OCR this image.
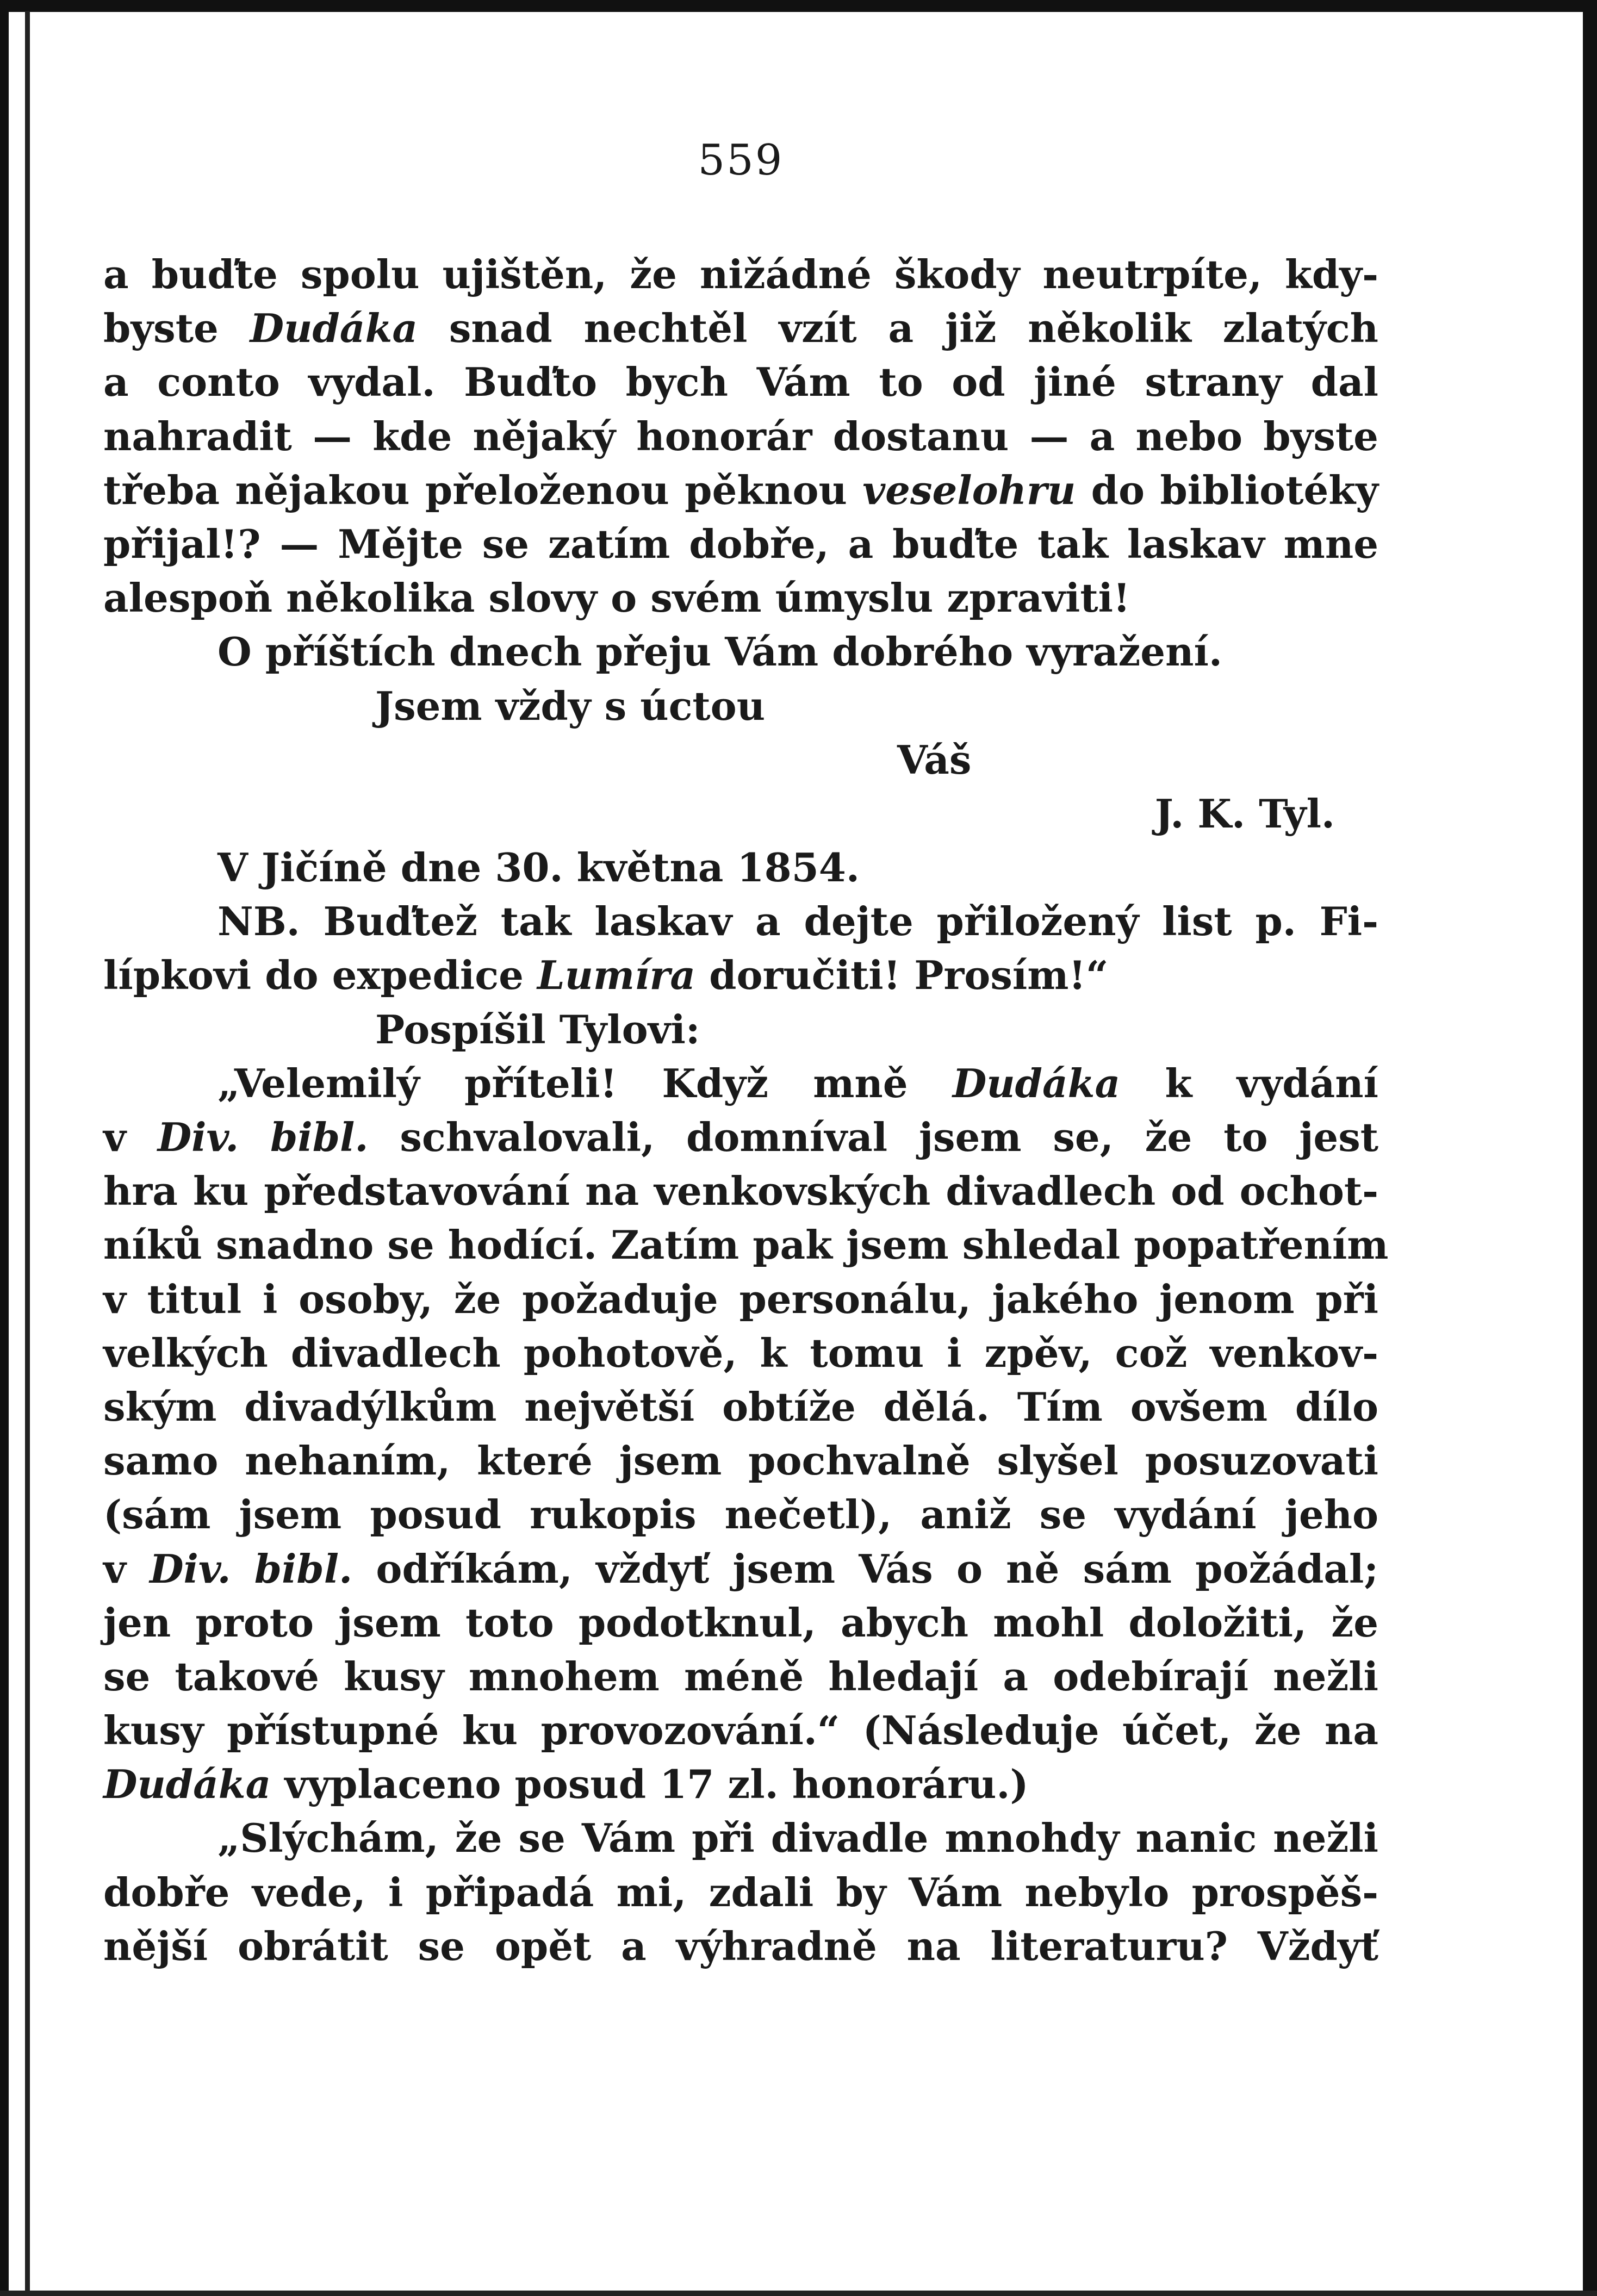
559
a buďte spolu ujištěn, že nižádné škody neutrpíte, kdy-
byste Dudáka snad nechtěl vzít a již několik zlatých
a conto vydal. Buďto bych Vám to od jiné strany dal
nahradit — kde nějaký honorár dostanu — a nebo byste
třeba nějakou přeloženou pěknou veselohru do bibliotéky
přijal!? — Mějte se zatím dobře, a buďte tak laskav mne
alespoň několika slovy o svém úmyslu zpraviti!
O příštích dnech přeju Vám dobrého vyražení.
Jsem vždy s úctou
Váš
J. K. Tyl.
V Jičíně dne 30. května 1854.
NB. Buďtež tak laskav a dejte přiložený list p. Fi-
lípkovi do expedice Lumíra doručiti! Prosím!“
Pospíšil Tylovi:
„Velemilý příteli! Když mně Dudáka k vydání
v Div. bibl. schvalovali, domníval jsem se, že to jest
hra ku představování na venkovských divadlech od ochot-
níků snadno se hodící. Zatím pak jsem shledal popatřením
v titul i osoby, že požaduje personálu, jakého jenom při
velkých divadlech pohotově, k tomu i zpěv, což venkov-
ským divadýlkům největší obtíže dělá. Tím ovšem dílo
samo nehaním, které jsem pochvalně slyšel posuzovati
(sám jsem posud rukopis nečetl), aniž se vydání jeho
v Div. bibl. odříkám, vždyť jsem Vás o ně sám požádal;
jen proto jsem toto podotknul, abych mohl doložiti, že
se takové kusy mnohem méně hledají a odebírají nežli
kusy přístupné ku provozování.“ (Následuje účet, že na
Dudáka vyplaceno posud 17 zl. honoráru.)
„Slýchám, že se Vám při divadle mnohdy nanic nežli
dobře vede, i připadá mi, zdali by Vám nebylo prospěš-
nější obrátit se opět a výhradně na literaturu? Vždyť
